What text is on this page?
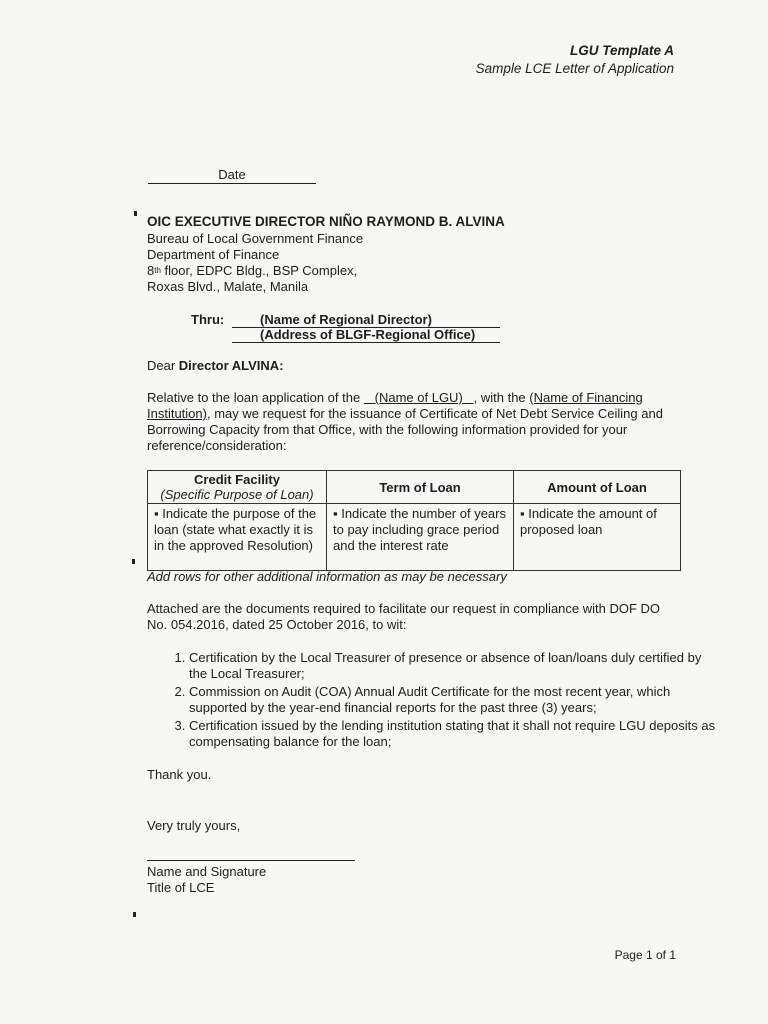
LGU Template A
Sample LCE Letter of Application
Date
OIC EXECUTIVE DIRECTOR NIÑO RAYMOND B. ALVINA
Bureau of Local Government Finance
Department of Finance
8th floor, EDPC Bldg., BSP Complex,
Roxas Blvd., Malate, Manila
Thru:	(Name of Regional Director)
(Address of BLGF-Regional Office)
Dear Director ALVINA:
Relative to the loan application of the    (Name of LGU)   , with the (Name of Financing Institution), may we request for the issuance of Certificate of Net Debt Service Ceiling and Borrowing Capacity from that Office, with the following information provided for your reference/consideration:
Credit Facility
(Specific Purpose of Loan)	Term of Loan	Amount of Loan
▪ Indicate the purpose of the loan (state what exactly it is in the approved Resolution)	▪ Indicate the number of years to pay including grace period and the interest rate	▪ Indicate the amount of proposed loan
Add rows for other additional information as may be necessary
Attached are the documents required to facilitate our request in compliance with DOF DO No. 054.2016, dated 25 October 2016, to wit:
1. Certification by the Local Treasurer of presence or absence of loan/loans duly certified by the Local Treasurer;
2. Commission on Audit (COA) Annual Audit Certificate for the most recent year, which supported by the year-end financial reports for the past three (3) years;
3. Certification issued by the lending institution stating that it shall not require LGU deposits as compensating balance for the loan;
Thank you.
Very truly yours,
Name and Signature
Title of LCE
Page 1 of 1
